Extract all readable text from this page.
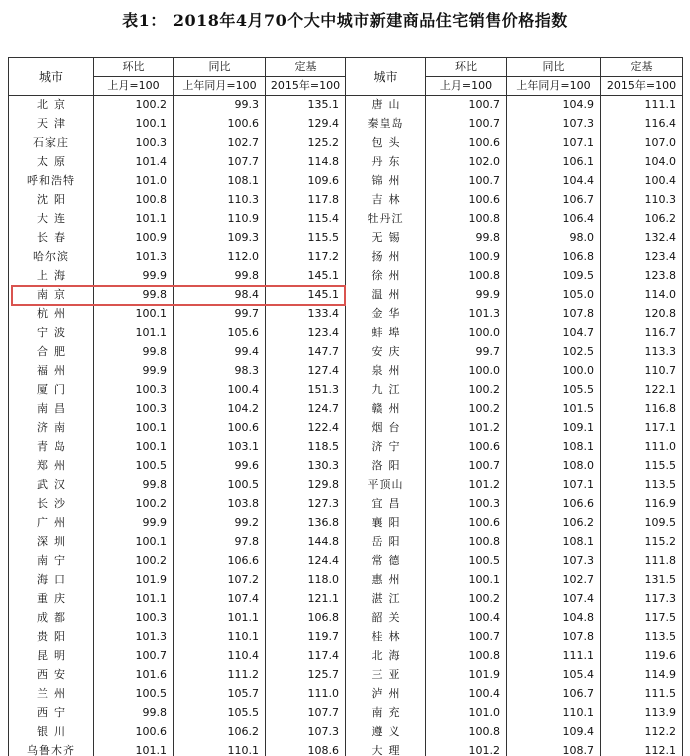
表1： 2018年4月70个大中城市新建商品住宅销售价格指数
城市	环比	同比	定基	城市	环比	同比	定基
	上月=100	上年同月=100	2015年=100		上月=100	上年同月=100	2015年=100
北京	100.2	99.3	135.1	唐山	100.7	104.9	111.1
天津	100.1	100.6	129.4	秦皇岛	100.7	107.3	116.4
石家庄	100.3	102.7	125.2	包头	100.6	107.1	107.0
太原	101.4	107.7	114.8	丹东	102.0	106.1	104.0
呼和浩特	101.0	108.1	109.6	锦州	100.7	104.4	100.4
沈阳	100.8	110.3	117.8	吉林	100.6	106.7	110.3
大连	101.1	110.9	115.4	牡丹江	100.8	106.4	106.2
长春	100.9	109.3	115.5	无锡	99.8	98.0	132.4
哈尔滨	101.3	112.0	117.2	扬州	100.9	106.8	123.4
上海	99.9	99.8	145.1	徐州	100.8	109.5	123.8
南京	99.8	98.4	145.1	温州	99.9	105.0	114.0
杭州	100.1	99.7	133.4	金华	101.3	107.8	120.8
宁波	101.1	105.6	123.4	蚌埠	100.0	104.7	116.7
合肥	99.8	99.4	147.7	安庆	99.7	102.5	113.3
福州	99.9	98.3	127.4	泉州	100.0	100.0	110.7
厦门	100.3	100.4	151.3	九江	100.2	105.5	122.1
南昌	100.3	104.2	124.7	赣州	100.2	101.5	116.8
济南	100.1	100.6	122.4	烟台	101.2	109.1	117.1
青岛	100.1	103.1	118.5	济宁	100.6	108.1	111.0
郑州	100.5	99.6	130.3	洛阳	100.7	108.0	115.5
武汉	99.8	100.5	129.8	平顶山	101.2	107.1	113.5
长沙	100.2	103.8	127.3	宜昌	100.3	106.6	116.9
广州	99.9	99.2	136.8	襄阳	100.6	106.2	109.5
深圳	100.1	97.8	144.8	岳阳	100.8	108.1	115.2
南宁	100.2	106.6	124.4	常德	100.5	107.3	111.8
海口	101.9	107.2	118.0	惠州	100.1	102.7	131.5
重庆	101.1	107.4	121.1	湛江	100.2	107.4	117.3
成都	100.3	101.1	106.8	韶关	100.4	104.8	117.5
贵阳	101.3	110.1	119.7	桂林	100.7	107.8	113.5
昆明	100.7	110.4	117.4	北海	100.8	111.1	119.6
西安	101.6	111.2	125.7	三亚	101.9	105.4	114.9
兰州	100.5	105.7	111.0	泸州	100.4	106.7	111.5
西宁	99.8	105.5	107.7	南充	101.0	110.1	113.9
银川	100.6	106.2	107.3	遵义	100.8	109.4	112.2
乌鲁木齐	101.1	110.1	108.6	大理	101.2	108.7	112.1
